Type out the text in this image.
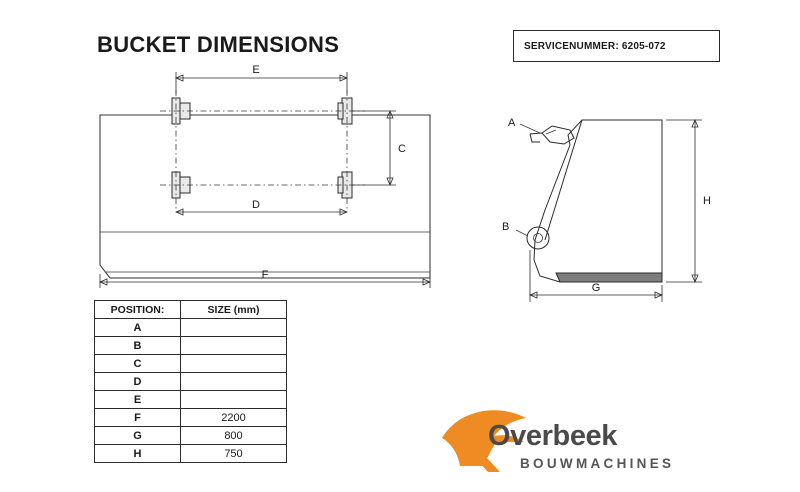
BUCKET DIMENSIONS	SERVICENUMMER: 6205-072
E
D
C
F
A
B
G
H
POSITION:	SIZE (mm)
A	
B	
C	
D	
E	
F	2200
G	800
H	750
Overbeek
BOUWMACHINES
